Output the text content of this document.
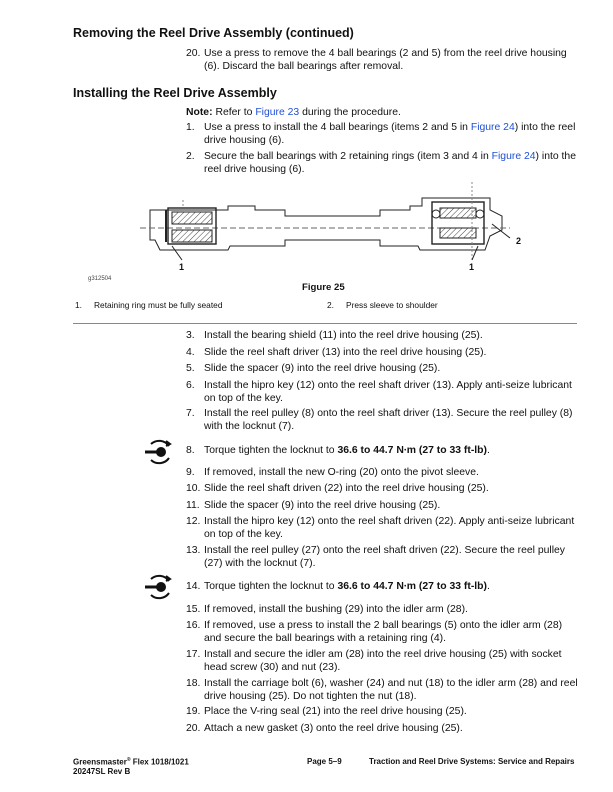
Removing the Reel Drive Assembly (continued)
20. Use a press to remove the 4 ball bearings (2 and 5) from the reel drive housing (6). Discard the ball bearings after removal.
Installing the Reel Drive Assembly
Note: Refer to Figure 23 during the procedure.
1. Use a press to install the 4 ball bearings (items 2 and 5 in Figure 24) into the reel drive housing (6).
2. Secure the ball bearings with 2 retaining rings (item 3 and 4 in Figure 24) into the reel drive housing (6).
1	1
2
g312504
Figure 25
1. Retaining ring must be fully seated	2. Press sleeve to shoulder
3. Install the bearing shield (11) into the reel drive housing (25).
4. Slide the reel shaft driver (13) into the reel drive housing (25).
5. Slide the spacer (9) into the reel drive housing (25).
6. Install the hipro key (12) onto the reel shaft driver (13). Apply anti-seize lubricant on top of the key.
7. Install the reel pulley (8) onto the reel shaft driver (13). Secure the reel pulley (8) with the locknut (7).
8. Torque tighten the locknut to 36.6 to 44.7 N∙m (27 to 33 ft-lb).
9. If removed, install the new O-ring (20) onto the pivot sleeve.
10. Slide the reel shaft driven (22) into the reel drive housing (25).
11. Slide the spacer (9) into the reel drive housing (25).
12. Install the hipro key (12) onto the reel shaft driven (22). Apply anti-seize lubricant on top of the key.
13. Install the reel pulley (27) onto the reel shaft driven (22). Secure the reel pulley (27) with the locknut (7).
14. Torque tighten the locknut to 36.6 to 44.7 N∙m (27 to 33 ft-lb).
15. If removed, install the bushing (29) into the idler arm (28).
16. If removed, use a press to install the 2 ball bearings (5) onto the idler arm (28) and secure the ball bearings with a retaining ring (4).
17. Install and secure the idler am (28) into the reel drive housing (25) with socket head screw (30) and nut (23).
18. Install the carriage bolt (6), washer (24) and nut (18) to the idler arm (28) and reel drive housing (25). Do not tighten the nut (18).
19. Place the V-ring seal (21) into the reel drive housing (25).
20. Attach a new gasket (3) onto the reel drive housing (25).
Greensmaster® Flex 1018/1021
20247SL Rev B
Page 5–9	Traction and Reel Drive Systems: Service and Repairs
